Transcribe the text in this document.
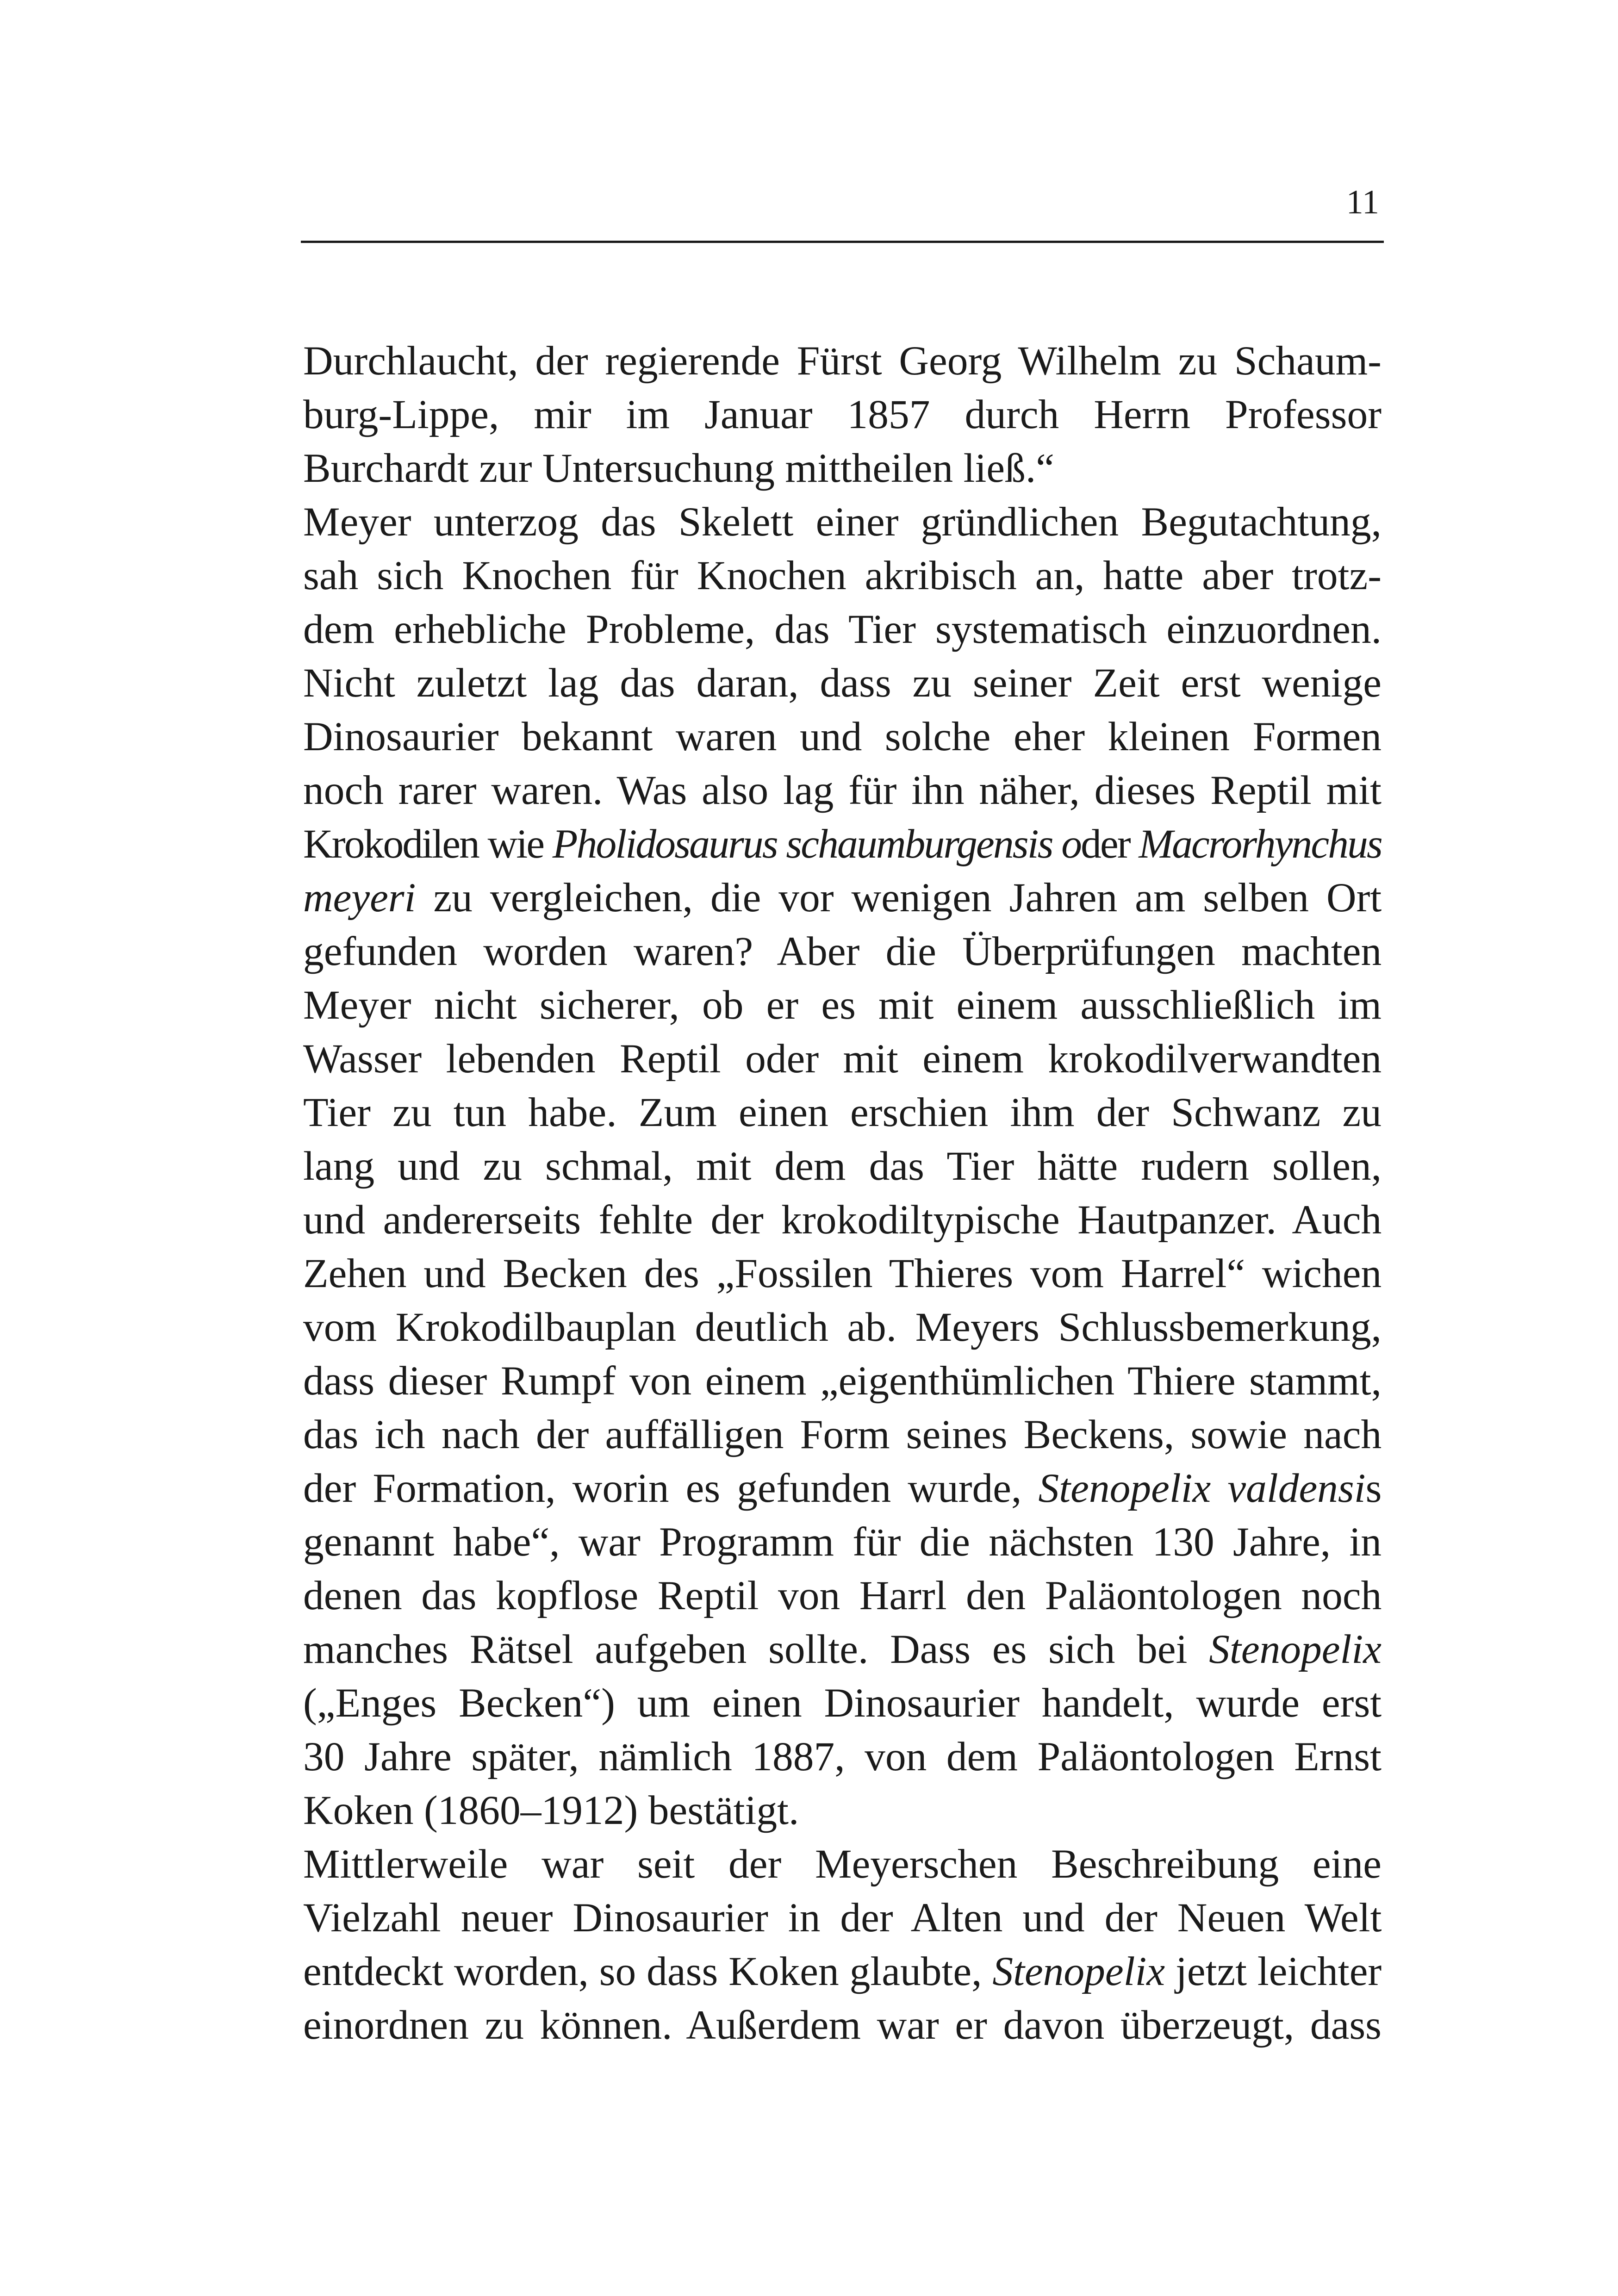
11
Durchlaucht, der regierende Fürst Georg Wilhelm zu Schaum-
burg-Lippe, mir im Januar 1857 durch Herrn Professor
Burchardt zur Untersuchung mittheilen ließ.“
Meyer unterzog das Skelett einer gründlichen Begutachtung,
sah sich Knochen für Knochen akribisch an, hatte aber trotz-
dem erhebliche Probleme, das Tier systematisch einzuordnen.
Nicht zuletzt lag das daran, dass zu seiner Zeit erst wenige
Dinosaurier bekannt waren und solche eher kleinen Formen
noch rarer waren. Was also lag für ihn näher, dieses Reptil mit
Krokodilen wie Pholidosaurus schaumburgensis oder Macrorhynchus
meyeri zu vergleichen, die vor wenigen Jahren am selben Ort
gefunden worden waren? Aber die Überprüfungen machten
Meyer nicht sicherer, ob er es mit einem ausschließlich im
Wasser lebenden Reptil oder mit einem krokodilverwandten
Tier zu tun habe. Zum einen erschien ihm der Schwanz zu
lang und zu schmal, mit dem das Tier hätte rudern sollen,
und andererseits fehlte der krokodiltypische Hautpanzer. Auch
Zehen und Becken des „Fossilen Thieres vom Harrel“ wichen
vom Krokodilbauplan deutlich ab. Meyers Schlussbemerkung,
dass dieser Rumpf von einem „eigenthümlichen Thiere stammt,
das ich nach der auffälligen Form seines Beckens, sowie nach
der Formation, worin es gefunden wurde, Stenopelix valdensis
genannt habe“, war Programm für die nächsten 130 Jahre, in
denen das kopflose Reptil von Harrl den Paläontologen noch
manches Rätsel aufgeben sollte. Dass es sich bei Stenopelix
(„Enges Becken“) um einen Dinosaurier handelt, wurde erst
30 Jahre später, nämlich 1887, von dem Paläontologen Ernst
Koken (1860–1912) bestätigt.
Mittlerweile war seit der Meyerschen Beschreibung eine
Vielzahl neuer Dinosaurier in der Alten und der Neuen Welt
entdeckt worden, so dass Koken glaubte, Stenopelix jetzt leichter
einordnen zu können. Außerdem war er davon überzeugt, dass
